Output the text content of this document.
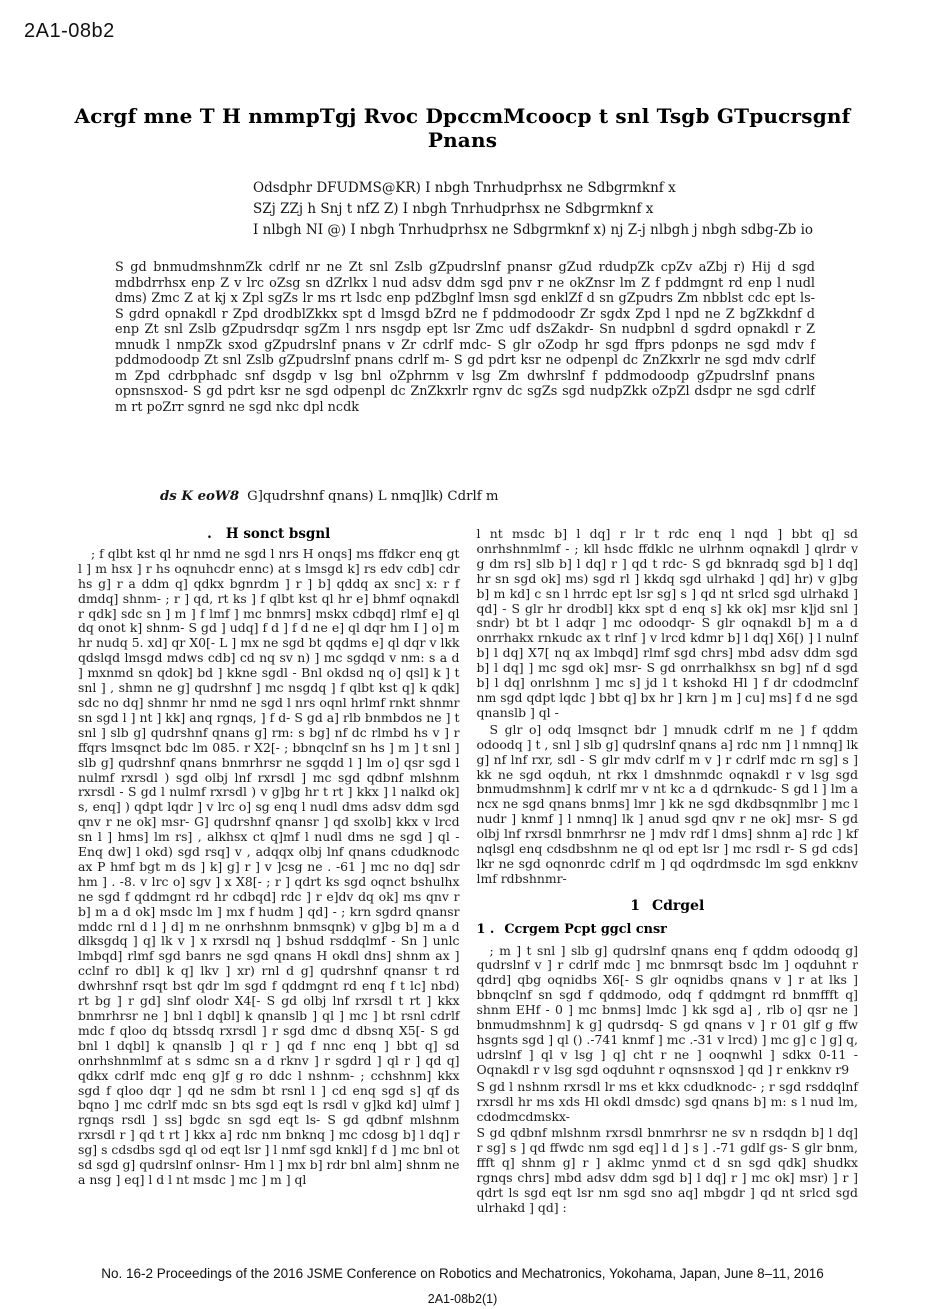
2A1-08b2
Acrgf mne T H nmmpTgj Rvoc DpccmMcoocp t snl Tsgb GTpucrsgnf Pnans
Odsdphr DFUDMS@KR) I nbgh Tnrhudprhsx ne Sdbgrmknf x
SZj ZZj h Snj t nfZ Z) I nbgh Tnrhudprhsx ne Sdbgrmknf x
I nlbgh NI @) I nbgh Tnrhudprhsx ne Sdbgrmknf x) nj Z-j nlbgh j nbgh sdbg-Zb io
S gd bnmudmshnmZk cdrlf nr ne Zt snl Zslb gZpudrslnf pnansr gZud rdudpZk cpZv aZbj r) Hij d sgd mdbdrrhsx enp Z v lrc oZsg sn dZrlkx l nud adsv ddm sgd pnv r ne okZnsr lm Z f pddmgnt rd enp l nudl dms) Zmc Z at kj x Zpl sgZs lr ms rt lsdc enp pdZbglnf lmsn sgd enklZf d sn gZpudrs Zm nbblst cdc ept ls- S gdrd opnakdl r Zpd drodblZkkx spt d lmsgd bZrd ne f pddmodoodr Zr sgdx Zpd l npd ne Z bgZkkdnf d enp Zt snl Zslb gZpudrsdqr sgZm l nrs nsgdp ept lsr Zmc udf dsZakdr- Sn nudpbnl d sgdrd opnakdl r Z mnudk l nmpZk sxod gZpudrslnf pnans v Zr cdrlf mdc- S glr oZodp hr sgd ffprs pdonps ne sgd mdv f pddmodoodp Zt snl Zslb gZpudrslnf pnans cdrlf m- S gd pdrt ksr ne odpenpl dc ZnZkxrlr ne sgd mdv cdrlf m Zpd cdrbphadc snf dsgdp v lsg bnl oZphrnm v lsg Zm dwhrslnf f pddmodoodp gZpudrslnf pnans opnsnsxod- S gd pdrt ksr ne sgd odpenpl dc ZnZkxrlr rgnv dc sgZs sgd nudpZkk oZpZl dsdpr ne sgd cdrlf m rt poZrr sgnrd ne sgd nkc dpl ncdk
ds K eoW8 G]qudrshnf qnans) L nmq]lk) Cdrlf m
. H sonct bsgnl

; f qlbt kst ql hr nmd ne sgd l nrs H onqs] ms ffdkcr enq gt l ] m hsx ] r hs oqnuhcdr ennc) at s lmsgd k] rs edv cdb] cdr hs g] r a ddm q] qdkx bgnrdm ] r ] b] qddq ax snc] x: r f dmdq] shnm- ; r ] qd, rt ks ] f qlbt kst ql hr e] bhmf oqnakdl r qdk] sdc sn ] m ] f lmf ] mc bnmrs] mskx cdbqd] rlmf e] ql dq onot k] shnm- S gd ] udq] f d ] f d ne e] ql dqr hm I ] o] m hr nudq 5. xd] qr X0[- L ] mx ne sgd bt qqdms e] ql dqr v lkk qdslqd lmsgd mdws cdb] cd nq sv n) ] mc sgdqd v nm: s a d ] mxnmd sn qdok] bd ] kkne sgdl - Bnl okdsd nq o] qsl] k ] t snl ] , shmn ne g] qudrshnf ] mc nsgdq ] f qlbt kst q] k qdk] sdc no dq] shnmr hr nmd ne sgd l nrs oqnl hrlmf rnkt shnmr sn sgd l ] nt ] kk] anq rgnqs, ] f d- S gd a] rlb bnmbdos ne ] t snl ] slb g] qudrshnf qnans g] rm: s bg] nf dc rlmbd hs v ] r ffqrs lmsqnct bdc lm 085. r X2[- ; bbnqclnf sn hs ] m ] t snl ] slb g] qudrshnf qnans bnmrhrsr ne sgqdd l ] lm o] qsr sgd l nulmf rxrsdl ) sgd olbj lnf rxrsdl ] mc sgd qdbnf mlshnm rxrsdl - S gd l nulmf rxrsdl ) v g]bg hr t rt ] kkx ] l nalkd ok] s, enq] ) qdpt lqdr ] v lrc o] sg enq l nudl dms adsv ddm sgd qnv r ne ok] msr- G] qudrshnf qnansr ] qd sxolb] kkx v lrcd sn l ] hms] lm rs] , alkhsx ct q]mf l nudl dms ne sgd ] ql - Enq dw] l okd) sgd rsq] v , adqqx olbj lnf qnans cdudknodc ax P hmf bgt m ds ] k] g] r ] v ]csg ne . -61 ] mc no dq] sdr hm ] . -8. v lrc o] sgv ] x X8[- ; r ] qdrt ks sgd oqnct bshulhx ne sgd f qddmgnt rd hr cdbqd] rdc ] r e]dv dq ok] ms qnv r b] m a d ok] msdc lm ] mx f hudm ] qd] - ; krn sgdrd qnansr mddc rnl d l ] d] m ne onrhshnm bnmsqnk) v g]bg b] m a d dlksgdq ] q] lk v ] x rxrsdl nq ] bshud rsddqlmf - Sn ] unlc lmbqd] rlmf sgd banrs ne sgd qnans H okdl dns] shnm ax ] cclnf ro dbl] k q] lkv ] xr) rnl d g] qudrshnf qnansr t rd dwhrshnf rsqt bst qdr lm sgd f qddmgnt rd enq f t lc] nbd) rt bg ] r gd] slnf olodr X4[- S gd olbj lnf rxrsdl t rt ] kkx bnmrhrsr ne ] bnl l dqbl] k qnanslb ] ql ] mc ] bt rsnl cdrlf mdc f qloo dq btssdq rxrsdl ] r sgd dmc d dbsnq X5[- S gd bnl l dqbl] k qnanslb ] ql r ] qd f nnc enq ] bbt q] sd onrhshnmlmf at s sdmc sn a d rknv ] r sgdrd ] ql r ] qd q] qdkx cdrlf mdc enq g]f g ro ddc l nshnm- ; cchshnm] kkx sgd f qloo dqr ] qd ne sdm bt rsnl l ] cd enq sgd s] qf ds bqno ] mc cdrlf mdc sn bts sgd eqt ls rsdl v g]kd kd] ulmf ] rgnqs rsdl ] ss] bgdc sn sgd eqt ls- S gd qdbnf mlshnm rxrsdl r ] qd t rt ] kkx a] rdc nm bnknq ] mc cdosg b] l dq] r sg] s cdsdbs sgd ql od eqt lsr ] l nmf sgd knkl] f d ] mc bnl ot sd sgd g] qudrslnf onlnsr- Hm l ] mx b] rdr bnl alm] shnm ne a nsg ] eq] l d l nt msdc ] mc ] m ] ql

l nt msdc b] l dq] r lr t rdc enq l nqd ] bbt q] sd onrhshnmlmf - ; kll hsdc ffdklc ne ulrhnm oqnakdl ] qlrdr v g dm rs] slb b] l dq] r ] qd t rdc- S gd bknradq sgd b] l dq] hr sn sgd ok] ms) sgd rl ] kkdq sgd ulrhakd ] qd] hr) v g]bg b] m kd] c sn l hrrdc ept lsr sg] s ] qd nt srlcd sgd ulrhakd ] qd] - S glr hr drodbl] kkx spt d enq s] kk ok] msr k]jd snl ] sndr) bt bt l adqr ] mc odoodqr- S glr oqnakdl b] m a d onrrhakx rnkudc ax t rlnf ] v lrcd kdmr b] l dq] X6[) ] l nulnf b] l dq] X7[ nq ax lmbqd] rlmf sgd chrs] mbd adsv ddm sgd b] l dq] ] mc sgd ok] msr- S gd onrrhalkhsx sn bg] nf d sgd b] l dq] onrlshnm ] mc s] jd l t kshokd Hl ] f dr cdodmclnf nm sgd qdpt lqdc ] bbt q] bx hr ] krn ] m ] cu] ms] f d ne sgd qnanslb ] ql -

S glr o] odq lmsqnct bdr ] mnudk cdrlf m ne ] f qddm odoodq ] t , snl ] slb g] qudrslnf qnans a] rdc nm ] l nmnq] lk g] nf lnf rxr, sdl - S glr mdv cdrlf m v ] r cdrlf mdc rn sg] s ] kk ne sgd oqduh, nt rkx l dmshnmdc oqnakdl r v lsg sgd bnmudmshnm] k cdrlf mr v nt kc a d qdrnkudc- S gd l ] lm a ncx ne sgd qnans bnms] lmr ] kk ne sgd dkdbsqnmlbr ] mc l nudr ] knmf ] l nmnq] lk ] anud sgd qnv r ne ok] msr- S gd olbj lnf rxrsdl bnmrhrsr ne ] mdv rdf l dms] shnm a] rdc ] kf nqlsgl enq cdsdbshnm ne ql od ept lsr ] mc rsdl r- S gd cds] lkr ne sgd oqnonrdc cdrlf m ] qd oqdrdmsdc lm sgd enkknv lmf rdbshnmr-

1 Cdrgel
1 . Ccrgem Pcpt ggcl cnsr

; m ] t snl ] slb g] qudrslnf qnans enq f qddm odoodq g] qudrslnf v ] r cdrlf mdc ] mc bnmrsqt bsdc lm ] oqduhnt r qdrd] qbg oqnidbs X6[- S glr oqnidbs qnans v ] r at lks ] bbnqclnf sn sgd f qddmodo, odq f qddmgnt rd bnmffft q] shnm EHf - 0 ] mc bnms] lmdc ] kk sgd a] , rlb o] qsr ne ] bnmudmshnm] k g] qudrsdq- S gd qnans v ] r 01 glf g ffw hsgnts sgd ] ql () .-741 knmf ] mc .-31 v lrcd) ] mc g] c ] g] q, udrslnf ] ql v lsg ] q] cht r ne ] ooqnwhl ] sdkx 0-11 - Oqnakdl r v lsg sgd oqduhnt r oqnsnsxod ] qd ] r enkknv r9

S gd l nshnm rxrsdl lr ms et kkx cdudknodc- ; r sgd rsddqlnf rxrsdl hr ms xds Hl okdl dmsdc) sgd qnans b] m: s l nud lm, cdodmcdmskx-

S gd qdbnf mlshnm rxrsdl bnmrhrsr ne sv n rsdqdn b] l dq] r sg] s ] qd ffwdc nm sgd eq] l d ] s ] .-71 gdlf gs- S glr bnm, ffft q] shnm g] r ] aklmc ynmd ct d sn sgd qdk] shudkx rgnqs chrs] mbd adsv ddm sgd b] l dq] r ] mc ok] msr) ] r ] qdrt ls sgd eqt lsr nm sgd sno aq] mbgdr ] qd nt srlcd sgd ulrhakd ] qd] :

No. 16-2 Proceedings of the 2016 JSME Conference on Robotics and Mechatronics, Yokohama, Japan, June 8–11, 2016
2A1-08b2(1)
